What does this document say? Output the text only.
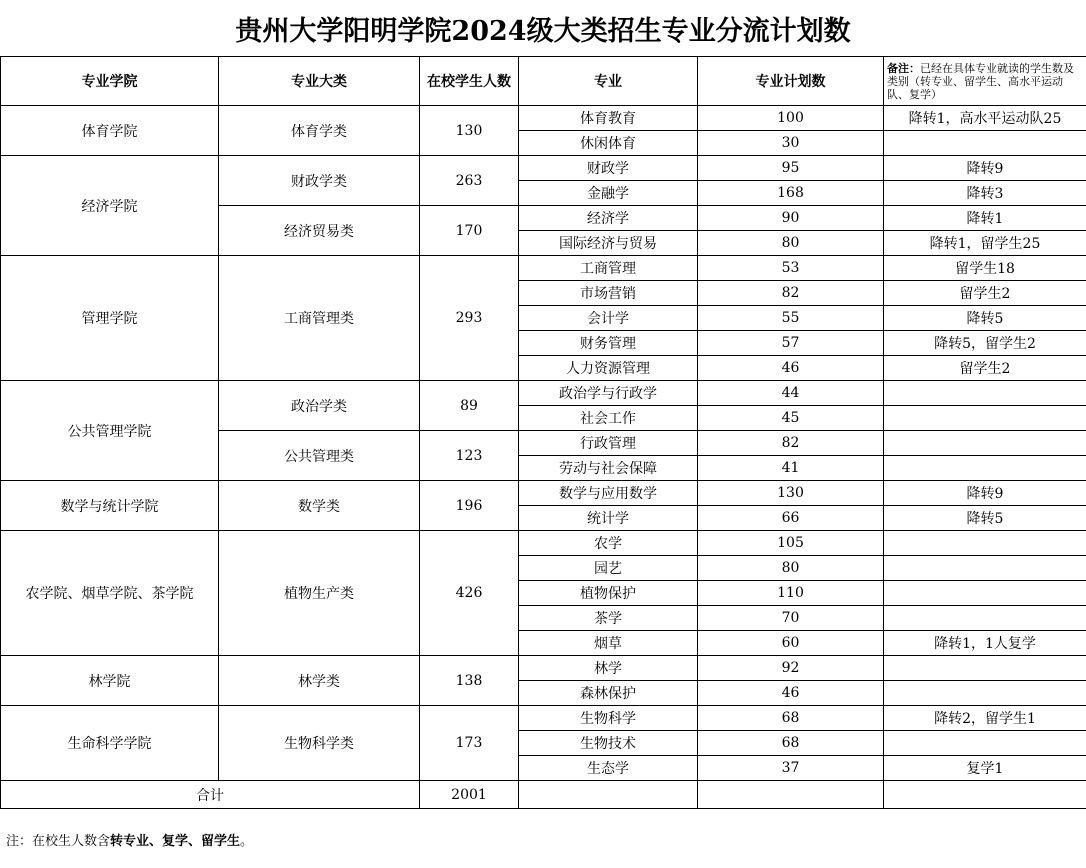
贵州大学阳明学院2024级大类招生专业分流计划数
专业学院	专业大类	在校学生人数	专业	专业计划数	备注：已经在具体专业就读的学生数及类别（转专业、留学生、高水平运动队、复学）
体育学院	体育学类	130	体育教育	100	降转1，高水平运动队25
			休闲体育	30	
经济学院	财政学类	263	财政学	95	降转9
			金融学	168	降转3
	经济贸易类	170	经济学	90	降转1
			国际经济与贸易	80	降转1，留学生25
管理学院	工商管理类	293	工商管理	53	留学生18
			市场营销	82	留学生2
			会计学	55	降转5
			财务管理	57	降转5，留学生2
			人力资源管理	46	留学生2
公共管理学院	政治学类	89	政治学与行政学	44	
			社会工作	45	
	公共管理类	123	行政管理	82	
			劳动与社会保障	41	
数学与统计学院	数学类	196	数学与应用数学	130	降转9
			统计学	66	降转5
农学院、烟草学院、茶学院	植物生产类	426	农学	105	
			园艺	80	
			植物保护	110	
			茶学	70	
			烟草	60	降转1，1人复学
林学院	林学类	138	林学	92	
			森林保护	46	
生命科学学院	生物科学类	173	生物科学	68	降转2，留学生1
			生物技术	68	
			生态学	37	复学1
合计		2001			
注：在校生人数含转专业、复学、留学生。
